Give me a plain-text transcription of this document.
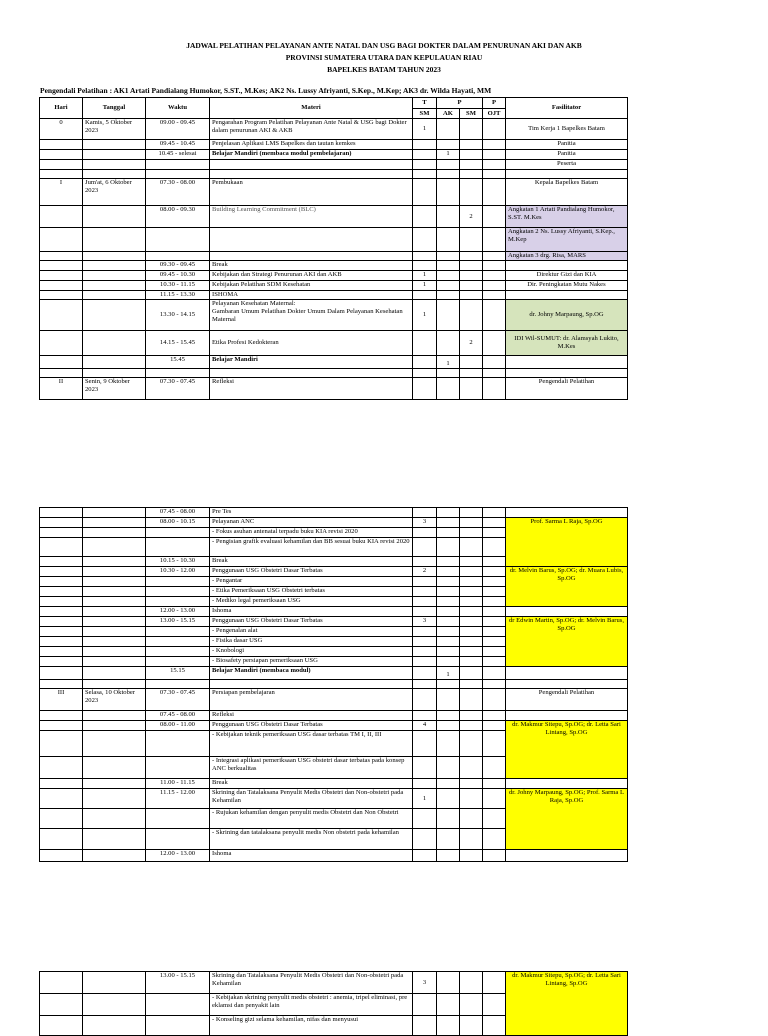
JADWAL PELATIHAN PELAYANAN ANTE NATAL DAN USG BAGI DOKTER DALAM PENURUNAN AKI DAN AKB
PROVINSI SUMATERA UTARA DAN KEPULAUAN RIAU
BAPELKES BATAM TAHUN 2023
Pengendali Pelatihan : AK1 Artati Pandialang Humokor, S.ST., M.Kes; AK2 Ns. Lussy Afriyanti, S.Kep., M.Kep; AK3 dr. Wilda Hayati, MM
Hari	Tanggal	Waktu	Materi	T	P		P	Fasilitator
				SM	AK	SM	OJT	
0	Kamis, 5 Oktober 2023	09.00 - 09.45	Pengarahan Program Pelatihan Pelayanan Ante Natal & USG bagi Dokter dalam penurunan AKI & AKB	1				Tim Kerja 1 Bapelkes Batam
		09.45 - 10.45	Penjelasan Aplikasi LMS Bapelkes dan tautan kemkes					Panitia
		10.45 - selesai	Belajar Mandiri (membaca modul pembelajaran)		1			Panitia
								Peserta

I	Jum'at, 6 Oktober 2023	07.30 - 08.00	Pembukaan					Kepala Bapelkes Batam
		08.00 - 09.30	Building Learning Commitment (BLC)			2		Angkatan 1 Artati Pandialang Humokor, S.ST. M.Kes
								Angkatan 2 Ns. Lussy Afriyanti, S.Kep., M.Kep
								Angkatan 3 drg. Risa, MARS
		09.30 - 09.45	Break					
		09.45 - 10.30	Kebijakan dan Strategi Penurunan AKI dan AKB	1				Direktur Gizi dan KIA
		10.30 - 11.15	Kebijakan Pelatihan SDM Kesehatan	1				Dir. Peningkatan Mutu Nakes
		11.15 - 13.30	ISHOMA					
		13.30 - 14.15	Pelayanan Kesehatan Maternal:
Gambaran Umum Pelatihan Dokter Umum Dalam Pelayanan Kesehatan Maternal	1				dr. Johny Marpaung, Sp.OG
		14.15 - 15.45	Etika Profesi Kedokteran			2		IDI Wil-SUMUT: dr. Alamsyah Lukito, M.Kes
		15.45	Belajar Mandiri		1			

II	Senin, 9 Oktober 2023	07.30 - 07.45	Refleksi					Pengendali Pelatihan
		07.45 - 08.00	Pre Tes					
		08.00 - 10.15	Pelayanan ANC	3				Prof. Sarma L Raja, Sp.OG
			- Fokus asuhan antenatal terpadu buku KIA revisi 2020					
			- Pengisian grafik evaluasi kehamilan dan BB sesuai buku KIA revisi 2020					
		10.15 - 10.30	Break					
		10.30 - 12.00	Penggunaan USG Obstetri Dasar Terbatas	2				dr. Melvin Barus, Sp.OG; dr. Muara Lubis, Sp.OG
			- Pengantar					
			- Etika Pemeriksaan USG Obstetri terbatas					
			- Mediko legal pemeriksaan USG					
		12.00 - 13.00	Ishoma					
		13.00 - 15.15	Penggunaan USG Obstetri Dasar Terbatas	3				dr Edwin Martin, Sp.OG; dr. Melvin Barus, Sp.OG
			- Pengenalan alat					
			- Fisika dasar USG					
			- Knobologi					
			- Biosafety persiapan pemeriksaan USG					
		15.15	Belajar Mandiri (membaca modul)		1			

III	Selasa, 10 Oktober 2023	07.30 - 07.45	Persiapan pembelajaran					Pengendali Pelatihan
		07.45 - 08.00	Refleksi					
		08.00 - 11.00	Penggunaan USG Obstetri Dasar Terbatas	4				dr. Makmur Sitepu, Sp.OG; dr. Letta Sari Lintang, Sp.OG
			- Kebijakan teknik pemeriksaan USG dasar terbatas TM I, II, III					
			- Integrasi aplikasi pemeriksaan USG obstetri dasar terbatas pada konsep ANC berkualitas					
		11.00 - 11.15	Break					
		11.15 - 12.00	Skrining dan Tatalaksana Penyulit Medis Obstetri dan Non-obstetri pada Kehamilan	1				dr. Johny Marpaung, Sp.OG; Prof. Sarma L Raja, Sp.OG
			- Rujukan kehamilan dengan penyulit medis Obstetri dan Non Obstetri					
			- Skrining dan tatalaksana penyulit medis Non obstetri pada kehamilan					
		12.00 - 13.00	Ishoma					
		13.00 - 15.15	Skrining dan Tatalaksana Penyulit Medis Obstetri dan Non-obstetri pada Kehamilan	3				dr. Makmur Sitepu, Sp.OG; dr. Letta Sari Lintang, Sp.OG
			- Kebijakan skrining penyulit medis obstetri : anemia, tripel eliminasi, pre eklamsi dan penyakit lain					
			- Konseling gizi selama kehamilan, nifas dan menyusui					
